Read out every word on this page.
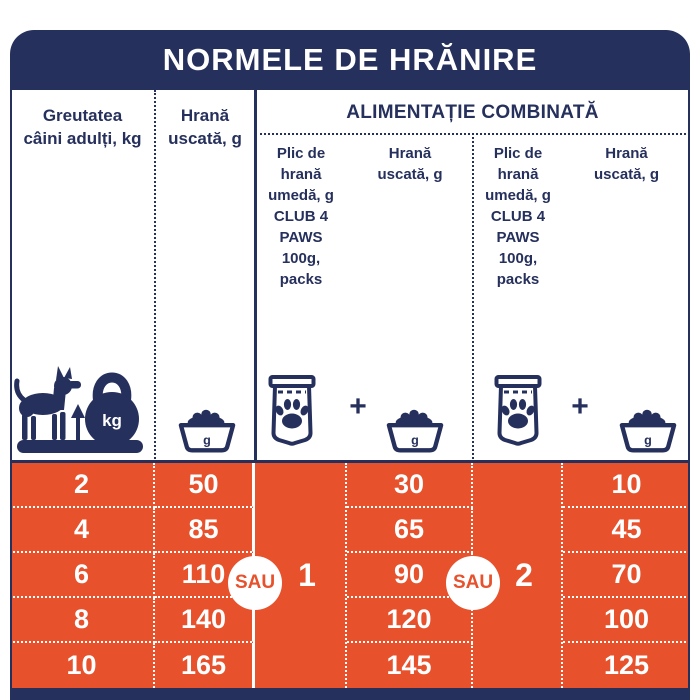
NORMELE DE HRĂNIRE
Greutatea
câini adulți, kg
Hrană
uscată, g
ALIMENTAȚIE COMBINATĂ
Plic de
hrană
umedă, g
CLUB 4
PAWS
100g,
packs
Hrană
uscată, g
Plic de
hrană
umedă, g
CLUB 4
PAWS
100g,
packs
Hrană
uscată, g
kg
g
+
g
+
g
2	50	30	10
4	85	65	45
6	110	90	70
8	140	120	100
10	165	145	125
1	2
SAU	SAU
